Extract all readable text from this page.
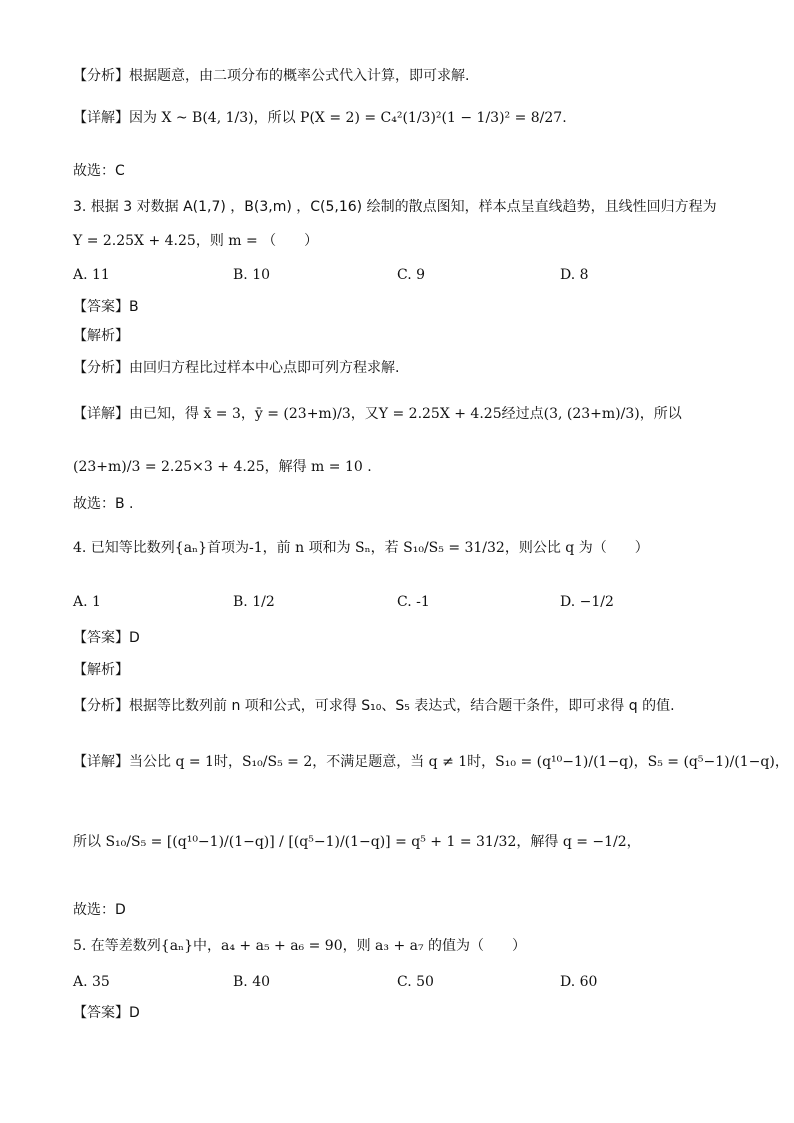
【分析】根据题意，由二项分布的概率公式代入计算，即可求解.
【详解】因为 X ~ B(4, 1/3)，所以 P(X = 2) = C₄²(1/3)²(1 − 1/3)² = 8/27.
故选：C
3. 根据 3 对数据 A(1,7) ，B(3,m) ，C(5,16) 绘制的散点图知，样本点呈直线趋势，且线性回归方程为
Y = 2.25X + 4.25，则 m = （　　）
A. 11	B. 10	C. 9	D. 8
【答案】B
【解析】
【分析】由回归方程比过样本中心点即可列方程求解.
【详解】由已知，得 x̄ = 3，ȳ = (23+m)/3，又Y = 2.25X + 4.25经过点(3, (23+m)/3)，所以
(23+m)/3 = 2.25×3 + 4.25，解得 m = 10 .
故选：B .
4. 已知等比数列{aₙ}首项为-1，前 n 项和为 Sₙ，若 S₁₀/S₅ = 31/32，则公比 q 为（　　）
A. 1	B. 1/2	C. -1	D. −1/2
【答案】D
【解析】
【分析】根据等比数列前 n 项和公式，可求得 S₁₀、S₅ 表达式，结合题干条件，即可求得 q 的值.
【详解】当公比 q = 1时，S₁₀/S₅ = 2，不满足题意，当 q ≠ 1时，S₁₀ = (q¹⁰−1)/(1−q)，S₅ = (q⁵−1)/(1−q)，
所以 S₁₀/S₅ = [(q¹⁰−1)/(1−q)] / [(q⁵−1)/(1−q)] = q⁵ + 1 = 31/32，解得 q = −1/2，
故选：D
5. 在等差数列{aₙ}中，a₄ + a₅ + a₆ = 90，则 a₃ + a₇ 的值为（　　）
A. 35	B. 40	C. 50	D. 60
【答案】D
